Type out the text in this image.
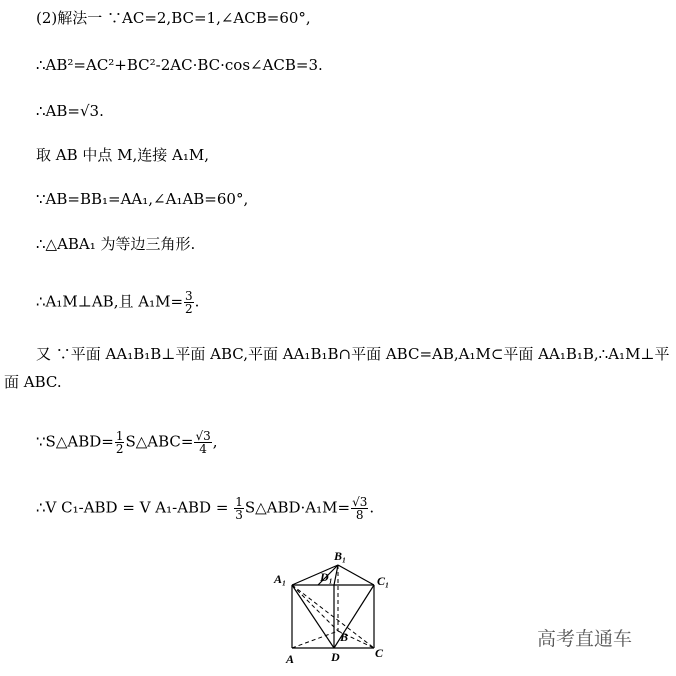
(2)解法一 ∵AC=2,BC=1,∠ACB=60°,
∴AB²=AC²+BC²-2AC·BC·cos∠ACB=3.
∴AB=√3.
取 AB 中点 M,连接 A₁M,
∵AB=BB₁=AA₁,∠A₁AB=60°,
∴△ABA₁ 为等边三角形.
∴A₁M⊥AB,且 $A_1M= \frac{3}{2}$ .
又 ∵平面 AA₁B₁B⊥平面 ABC,平面 AA₁B₁B∩平面 ABC=AB,A₁M⊂平面 AA₁B₁B,∴A₁M⊥平
面 ABC.
∵S△ABD= $\frac{1}{2}$ S△ABC= $\frac{√3}{4}$ ,
∴V C₁-ABD = V $A_1-ABD = \frac{1}{3}$ S△ABD·A₁M= $\frac{√3}{8}$ .
B₁
A₁	D₁	C₁
B
A	D	C
高考直通车
